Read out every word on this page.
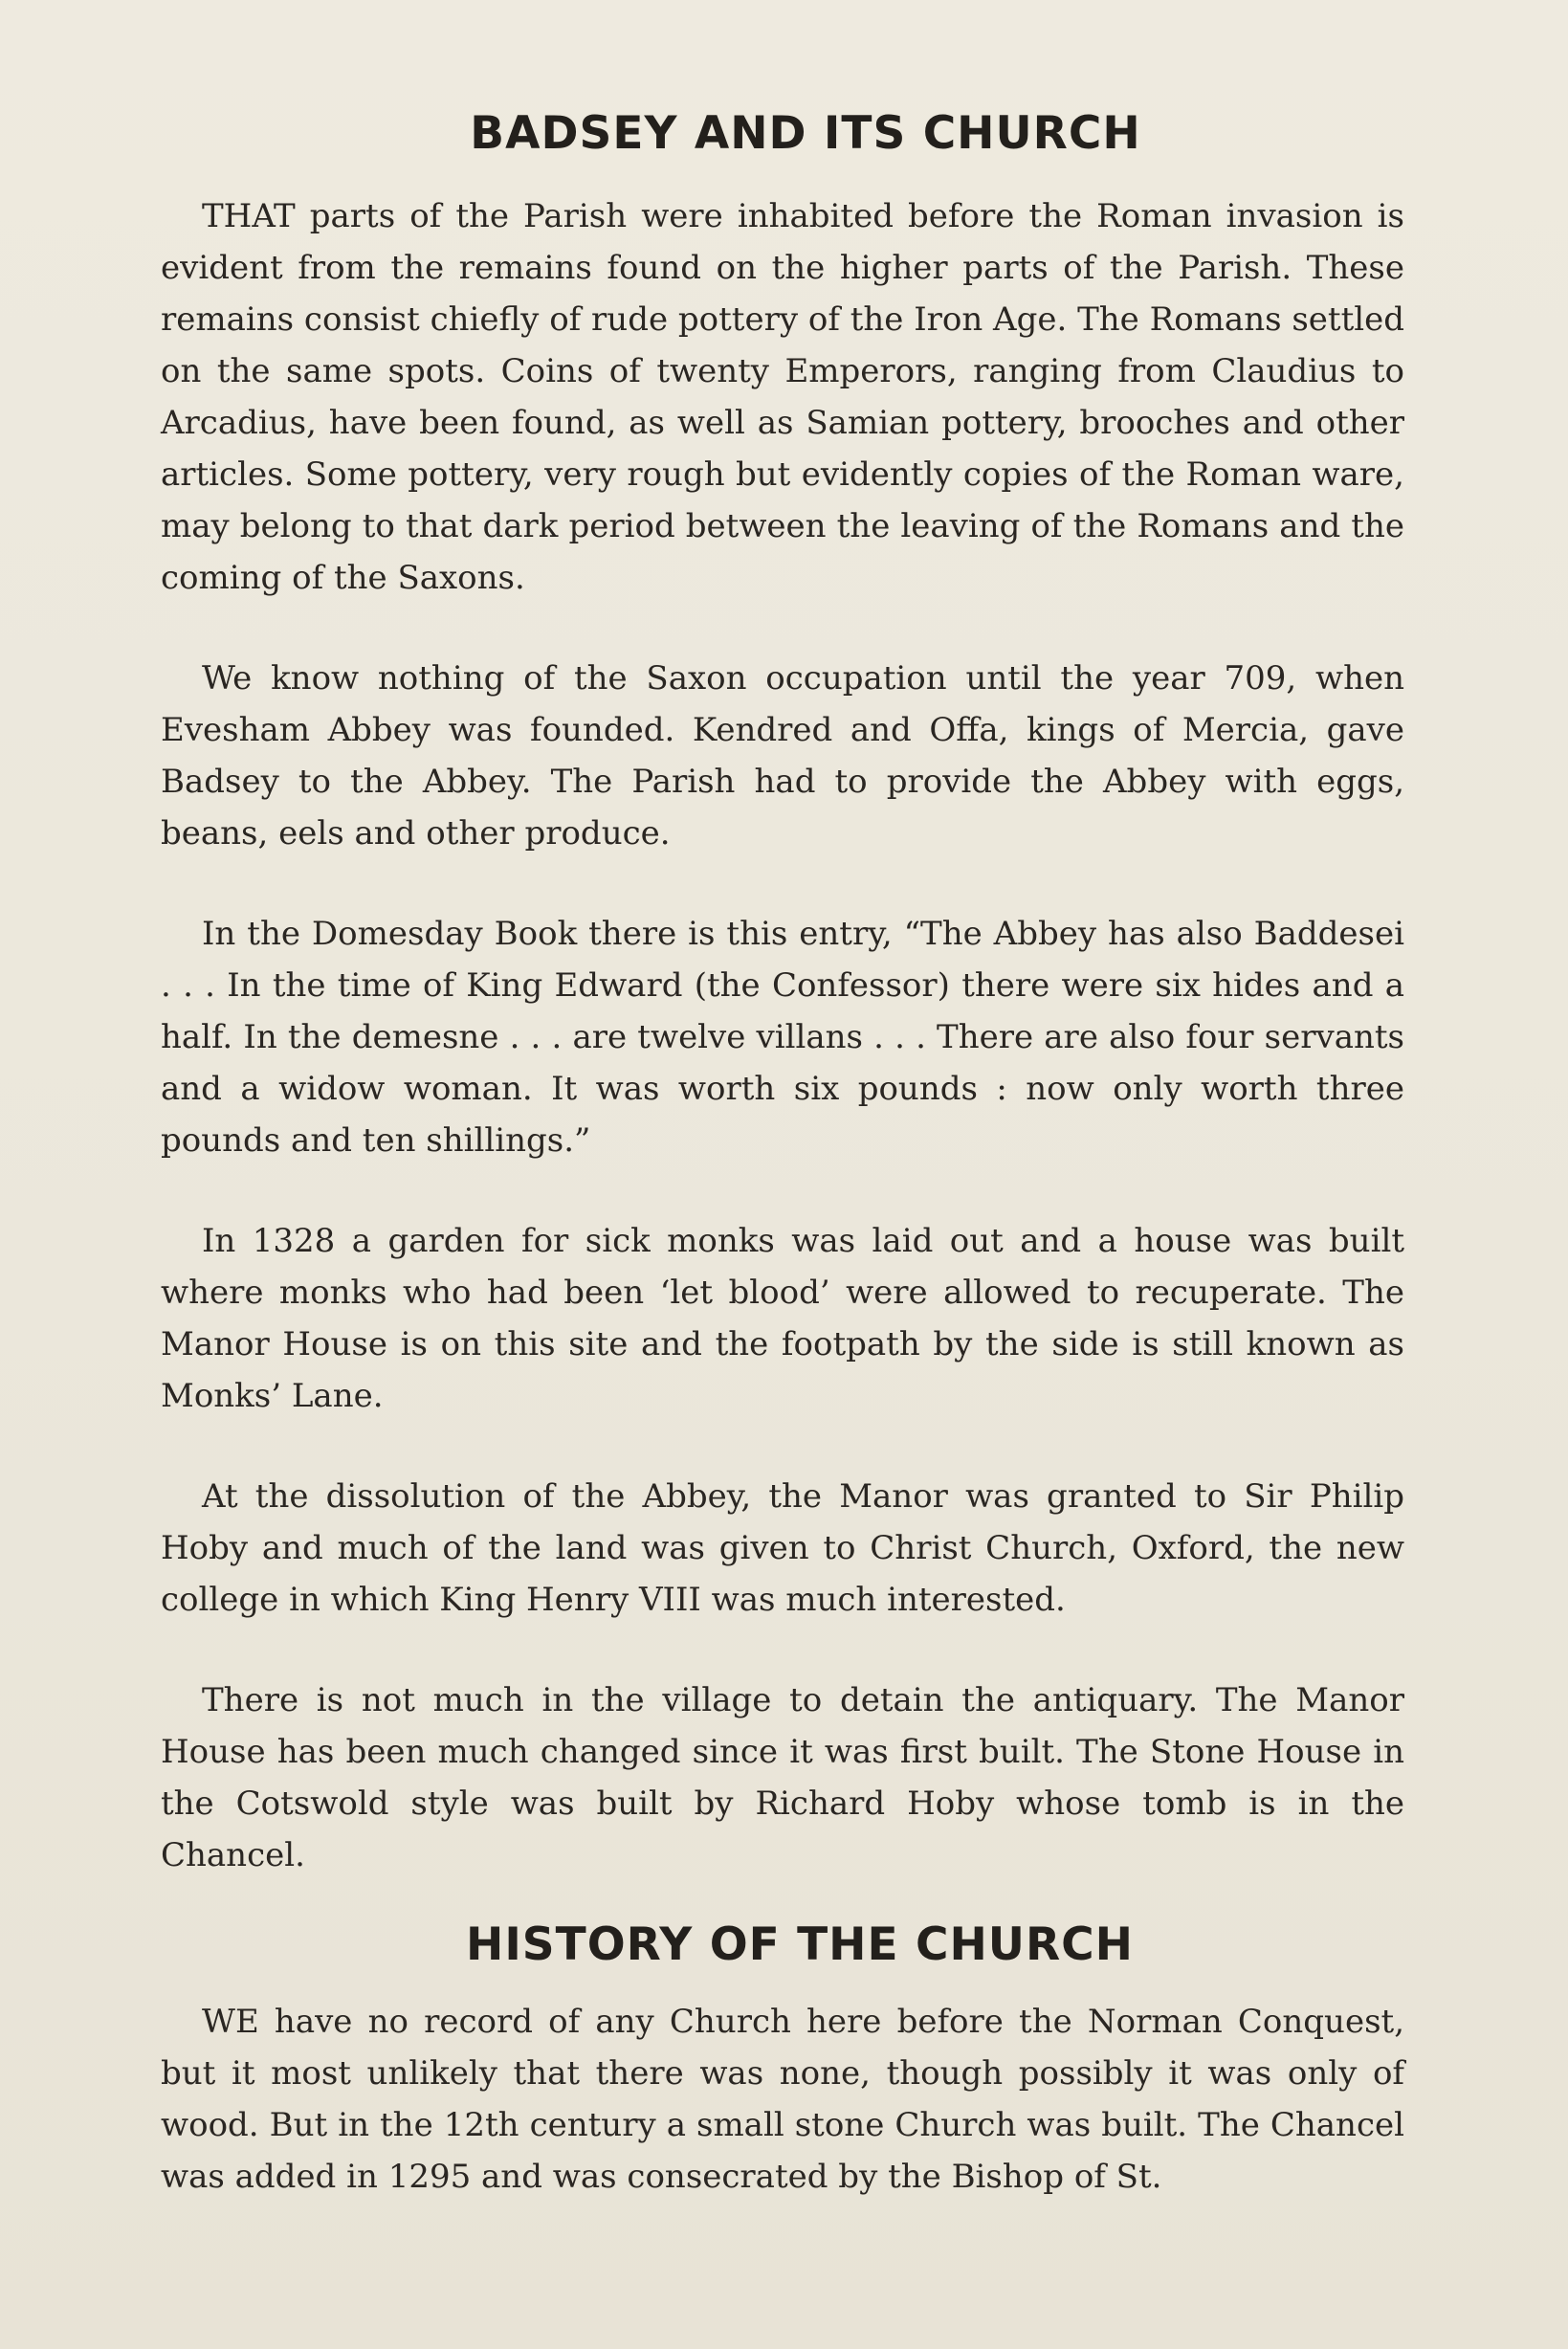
BADSEY AND ITS CHURCH

THAT parts of the Parish were inhabited before the Roman invasion is evident from the remains found on the higher parts of the Parish. These remains consist chiefly of rude pottery of the Iron Age. The Romans settled on the same spots. Coins of twenty Emperors, ranging from Claudius to Arcadius, have been found, as well as Samian pottery, brooches and other articles. Some pottery, very rough but evidently copies of the Roman ware, may belong to that dark period between the leaving of the Romans and the coming of the Saxons.

We know nothing of the Saxon occupation until the year 709, when Evesham Abbey was founded. Kendred and Offa, kings of Mercia, gave Badsey to the Abbey. The Parish had to provide the Abbey with eggs, beans, eels and other produce.

In the Domesday Book there is this entry, “The Abbey has also Baddesei . . . In the time of King Edward (the Confessor) there were six hides and a half. In the demesne . . . are twelve villans . . . There are also four servants and a widow woman. It was worth six pounds : now only worth three pounds and ten shillings.”

In 1328 a garden for sick monks was laid out and a house was built where monks who had been ‘let blood’ were allowed to recuperate. The Manor House is on this site and the footpath by the side is still known as Monks’ Lane.

At the dissolution of the Abbey, the Manor was granted to Sir Philip Hoby and much of the land was given to Christ Church, Oxford, the new college in which King Henry VIII was much interested.

There is not much in the village to detain the antiquary. The Manor House has been much changed since it was first built. The Stone House in the Cotswold style was built by Richard Hoby whose tomb is in the Chancel.

HISTORY OF THE CHURCH

WE have no record of any Church here before the Norman Conquest, but it most unlikely that there was none, though possibly it was only of wood. But in the 12th century a small stone Church was built. The Chancel was added in 1295 and was consecrated by the Bishop of St.
